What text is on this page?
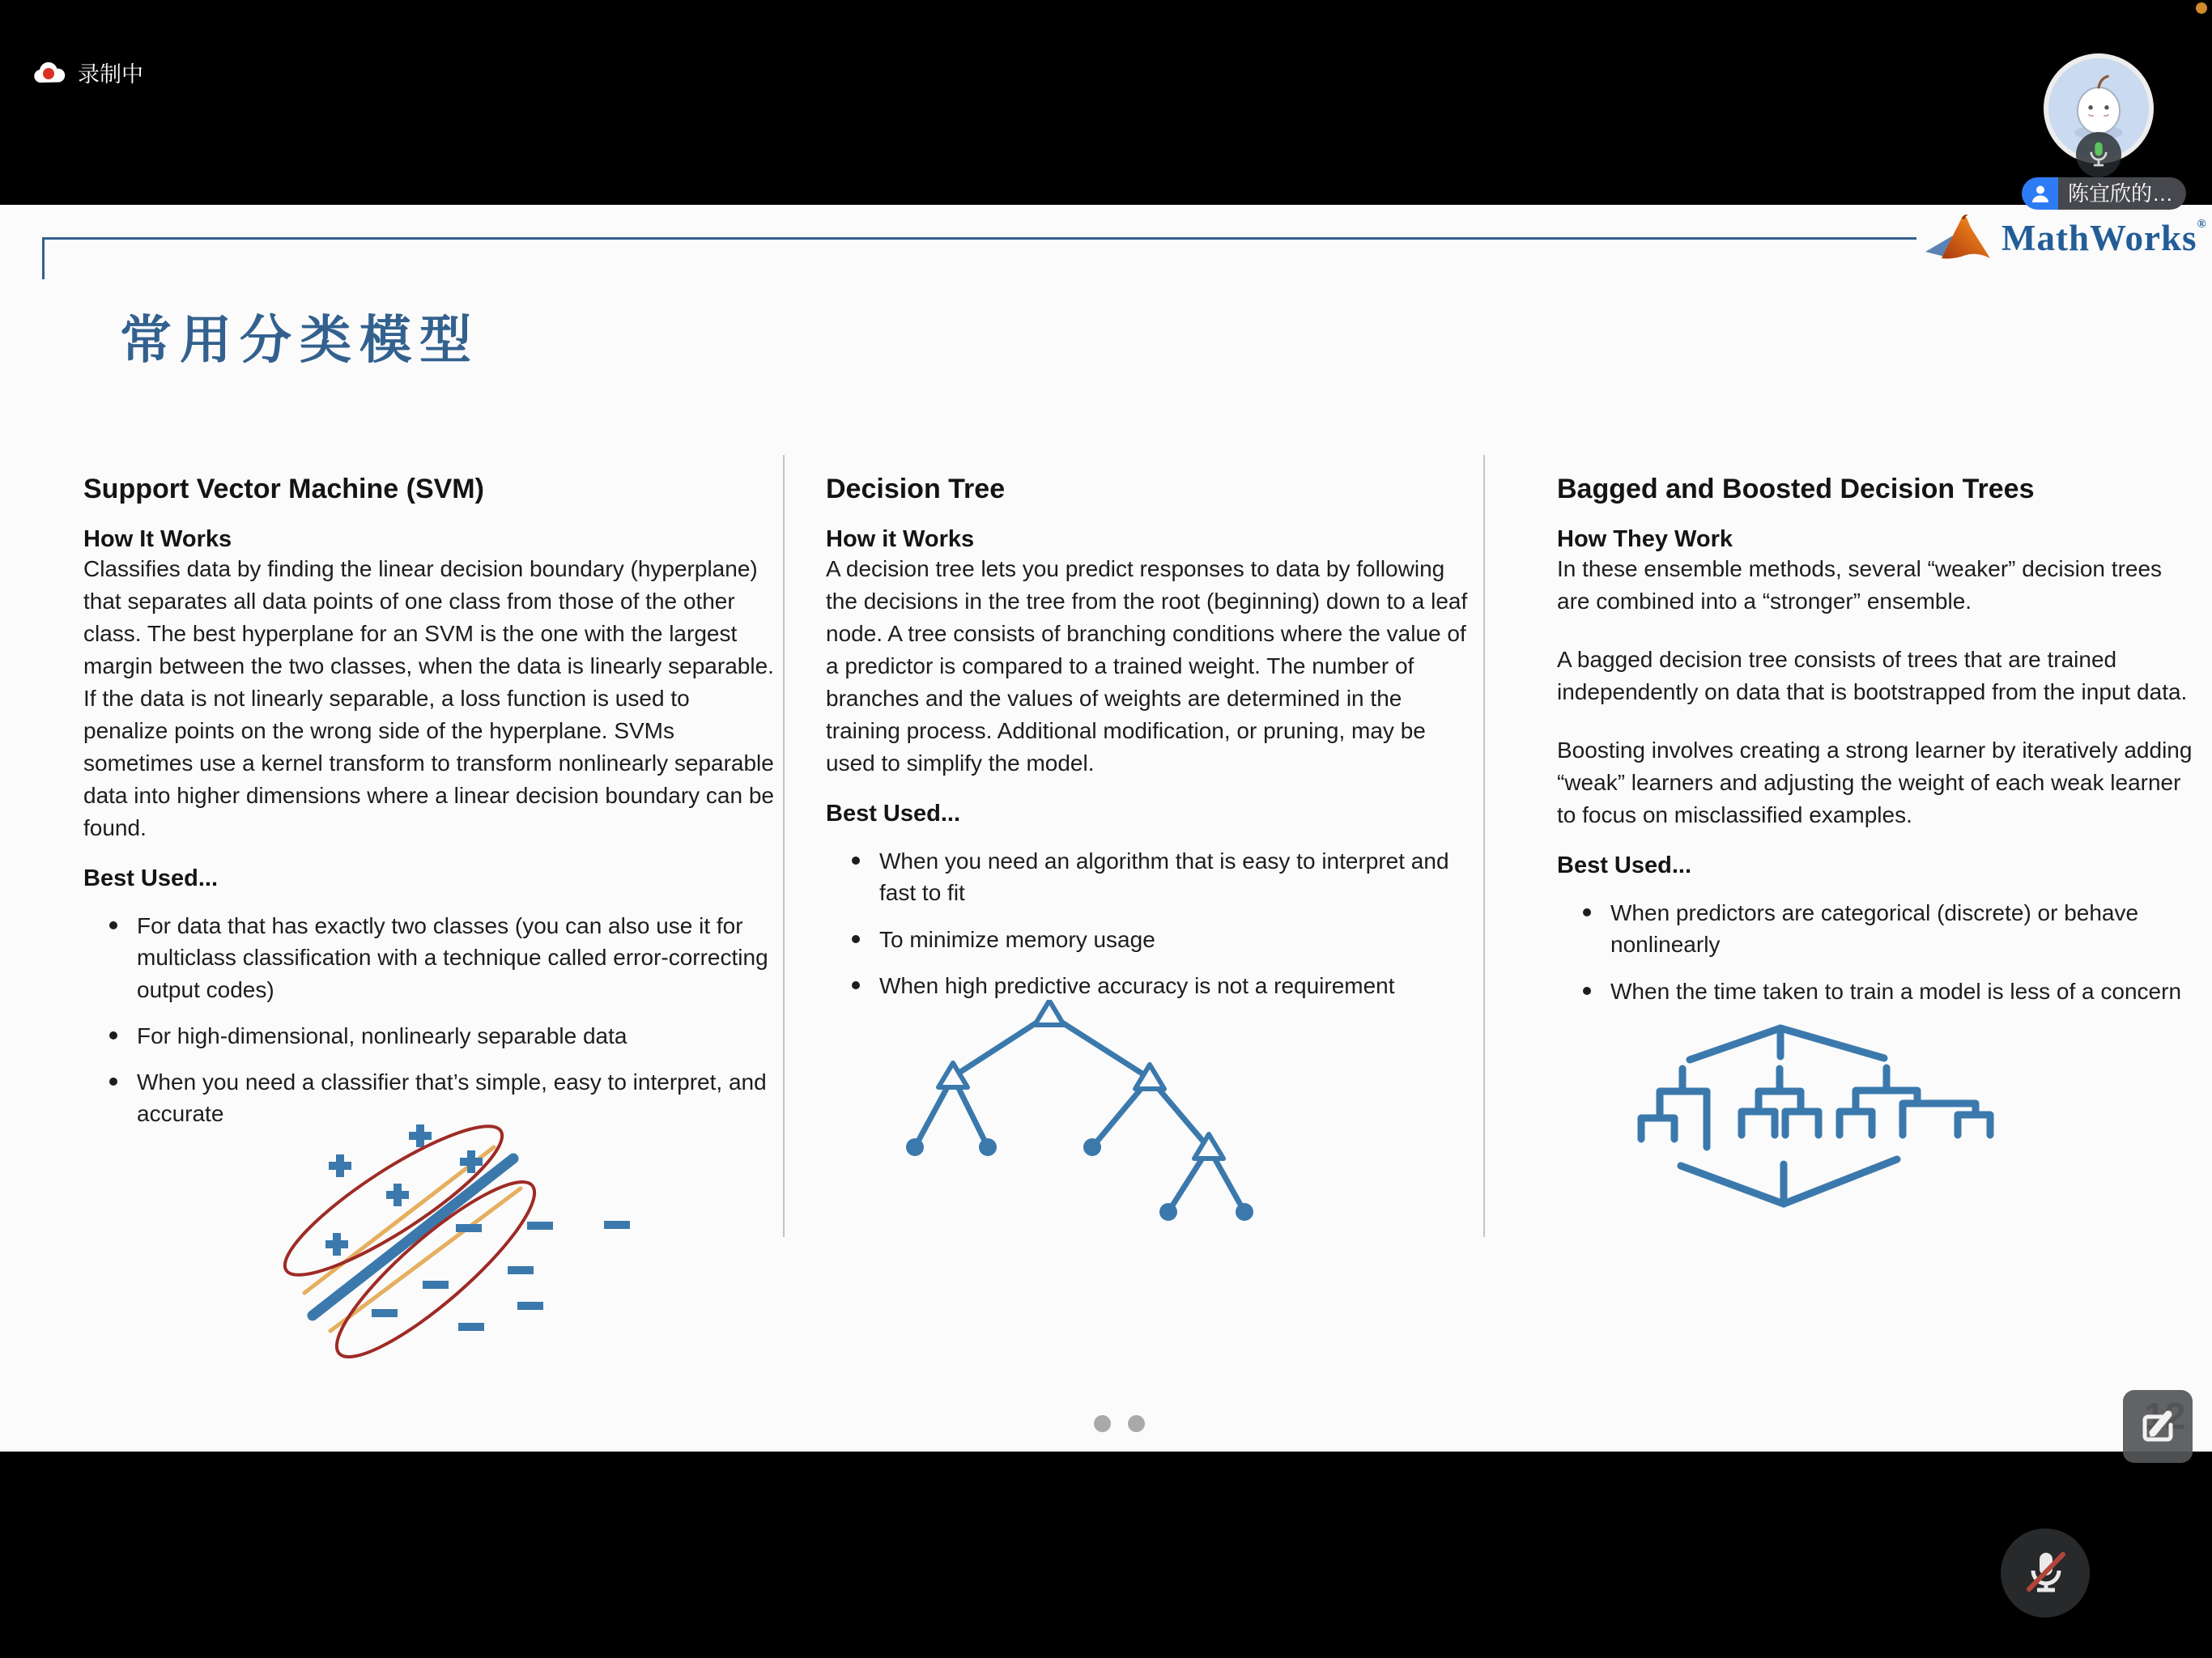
录制中
陈宜欣的…
MathWorks®
常用分类模型
Support Vector Machine (SVM)
How It Works

Classifies data by finding the linear decision boundary (hyperplane) that separates all data points of one class from those of the other class. The best hyperplane for an SVM is the one with the largest margin between the two classes, when the data is linearly separable. If the data is not linearly separable, a loss function is used to penalize points on the wrong side of the hyperplane. SVMs sometimes use a kernel transform to transform nonlinearly separable data into higher dimensions where a linear decision boundary can be found.

Best Used...
For data that has exactly two classes (you can also use it for multiclass classification with a technique called error-correcting output codes)
For high-dimensional, nonlinearly separable data
When you need a classifier that’s simple, easy to interpret, and accurate
Decision Tree
How it Works

A decision tree lets you predict responses to data by following the decisions in the tree from the root (beginning) down to a leaf node. A tree consists of branching conditions where the value of a predictor is compared to a trained weight. The number of branches and the values of weights are determined in the training process. Additional modification, or pruning, may be used to simplify the model.

Best Used...
When you need an algorithm that is easy to interpret and fast to fit
To minimize memory usage
When high predictive accuracy is not a requirement
Bagged and Boosted Decision Trees
How They Work

In these ensemble methods, several “weaker” decision trees are combined into a “stronger” ensemble.

A bagged decision tree consists of trees that are trained independently on data that is bootstrapped from the input data.

Boosting involves creating a strong learner by iteratively adding “weak” learners and adjusting the weight of each weak learner to focus on misclassified examples.

Best Used...
When predictors are categorical (discrete) or behave nonlinearly
When the time taken to train a model is less of a concern
